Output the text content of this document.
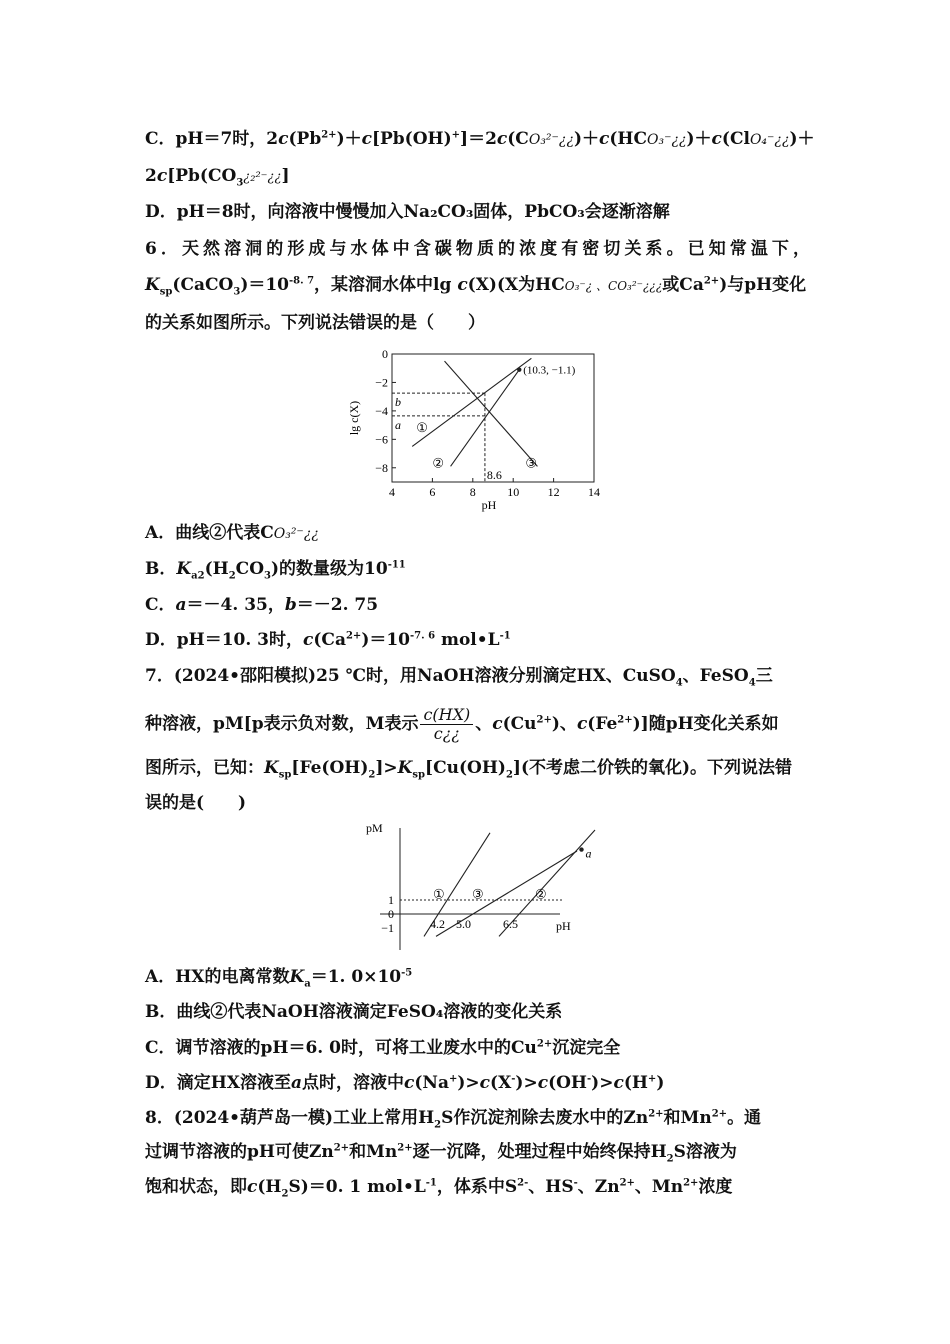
C．pH＝7时，$2c(Pb^{2+})+c[Pb(OH)^+]=2c(CO_3^{2-}¿¿)+c(HCO_3^-¿¿)+c(ClO_4^-¿¿)+$
$2c[Pb(CO_3¿_2^{2-}¿¿]$
D．pH＝8时，向溶液中慢慢加入Na₂CO₃固体，PbCO₃会逐渐溶解
6．天然溶洞的形成与水体中含碳物质的浓度有密切关系。已知常温下，
$K_{sp}(CaCO_3)=10^{-8. 7}$，某溶洞水体中lg c(X)(X为HCO₃⁻¿ 、CO₃²⁻¿¿¿或$Ca^{2+}$)与pH变化
的关系如图所示。下列说法错误的是（　　）
4	6	8	10 12 14
0
−2
−4
−6
−8
pH
lg c(X)
(10.3, −1.1)
b
a
8.6
①
②	③
A．曲线②代表CO₃²⁻¿¿
B．$K_{a2}(H_2CO_3)$的数量级为$10^{-11}$
C．a＝－4. 35，b＝－2. 75
D．pH＝10. 3时，$c(Ca^{2+})=10^{-7. 6}$ $mol•L^{-1}$
7．(2024•邵阳模拟)25 ℃时，用NaOH溶液分别滴定HX、CuSO$_4$、FeSO$_4$三
种溶液，pM[p表示负对数，M表示 $\frac{c(HX)}{c¿¿}$ 、$c(Cu^{2+})$、$c(Fe^{2+})$]随pH变化关系如
图所示，已知：$K_{sp}[Fe(OH)_2]>K_{sp}[Cu(OH)_2]$(不考虑二价铁的氧化)。下列说法错
误的是(　　)
pM
pH
1
0
−1
a
4.2 5.0	6.5
① ③	②
A．HX的电离常数$K_a=1$. $0\times 10^{-5}$
B．曲线②代表NaOH溶液滴定FeSO₄溶液的变化关系
C．调节溶液的pH＝6. 0时，可将工业废水中的$Cu^{2+}$沉淀完全
D．滴定HX溶液至a点时，溶液中c(Na+)>c(X-)>c(OH-)>c(H+)
8．(2024•葫芦岛一模)工业上常用$H_2S$作沉淀剂除去废水中的$Zn^{2+}$和$Mn^{2+}$。通
过调节溶液的pH可使$Zn^{2+}$和$Mn^{2+}$逐一沉降，处理过程中始终保持$H_2S$溶液为
饱和状态，即$c(H_2S)=0$. 1 $mol•L^{-1}$，体系中$S^{2-}$、HS-、$Zn^{2+}$、$Mn^{2+}$浓度
